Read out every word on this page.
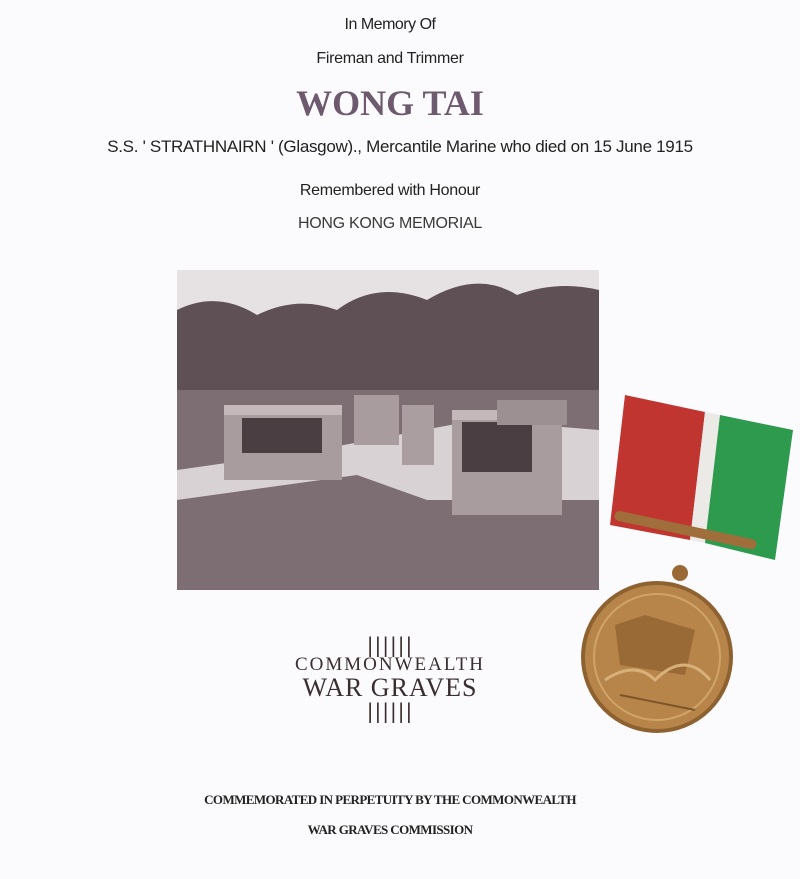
In Memory Of
Fireman and Trimmer
WONG TAI
S.S. ' STRATHNAIRN ' (Glasgow)., Mercantile Marine who died on 15 June 1915
Remembered with Honour
HONG KONG MEMORIAL
||||||
COMMONWEALTH
WAR GRAVES
||||||
COMMEMORATED IN PERPETUITY BY THE COMMONWEALTH
WAR GRAVES COMMISSION
